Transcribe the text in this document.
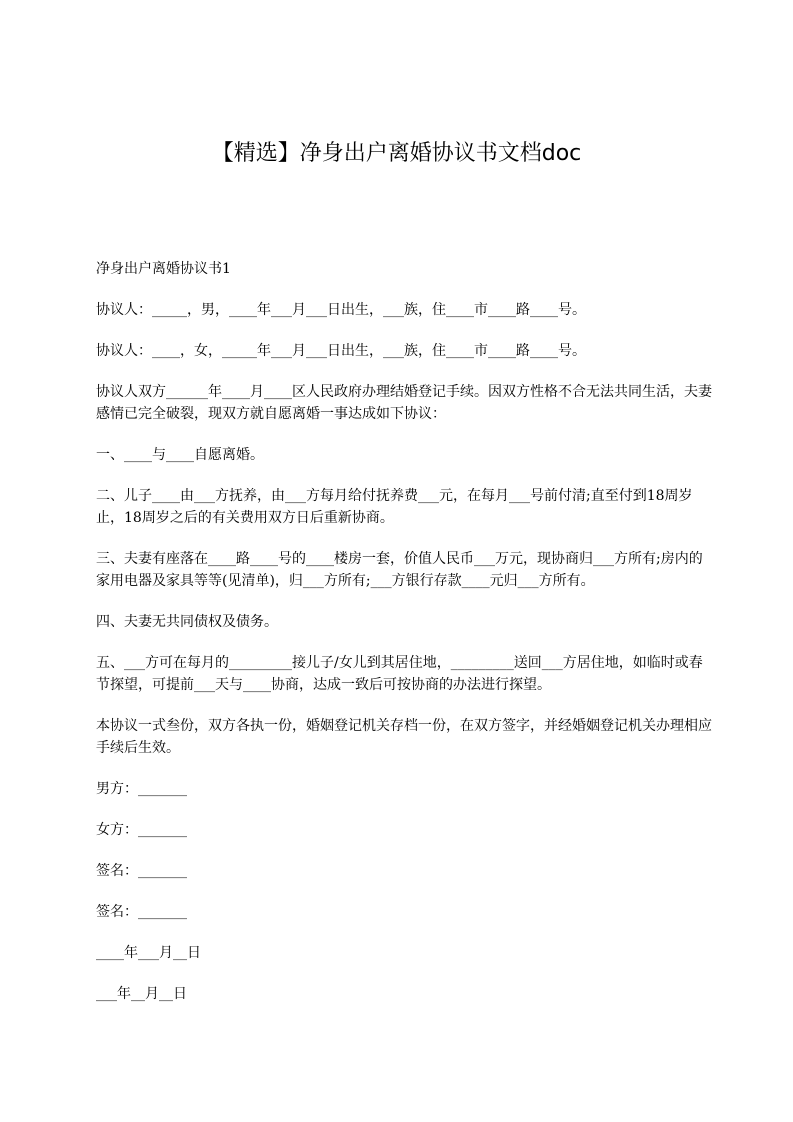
【精选】净身出户离婚协议书文档doc

净身出户离婚协议书1

协议人：_____，男，____年___月___日出生，___族，住____市____路____号。

协议人：____，女，_____年___月___日出生，___族，住____市____路____号。

协议人双方______年____月____区人民政府办理结婚登记手续。因双方性格不合无法共同生活，夫妻感情已完全破裂，现双方就自愿离婚一事达成如下协议：

一、____与____自愿离婚。

二、儿子____由___方抚养，由___方每月给付抚养费___元，在每月___号前付清;直至付到18周岁止，18周岁之后的有关费用双方日后重新协商。

三、夫妻有座落在____路____号的____楼房一套，价值人民币___万元，现协商归___方所有;房内的家用电器及家具等等(见清单)，归___方所有;___方银行存款____元归___方所有。

四、夫妻无共同债权及债务。

五、___方可在每月的_________接儿子/女儿到其居住地，_________送回___方居住地，如临时或春节探望，可提前___天与____协商，达成一致后可按协商的办法进行探望。

本协议一式叁份，双方各执一份，婚姻登记机关存档一份，在双方签字，并经婚姻登记机关办理相应手续后生效。

男方：_______

女方：_______

签名：_______

签名：_______

____年___月__日

___年__月__日
